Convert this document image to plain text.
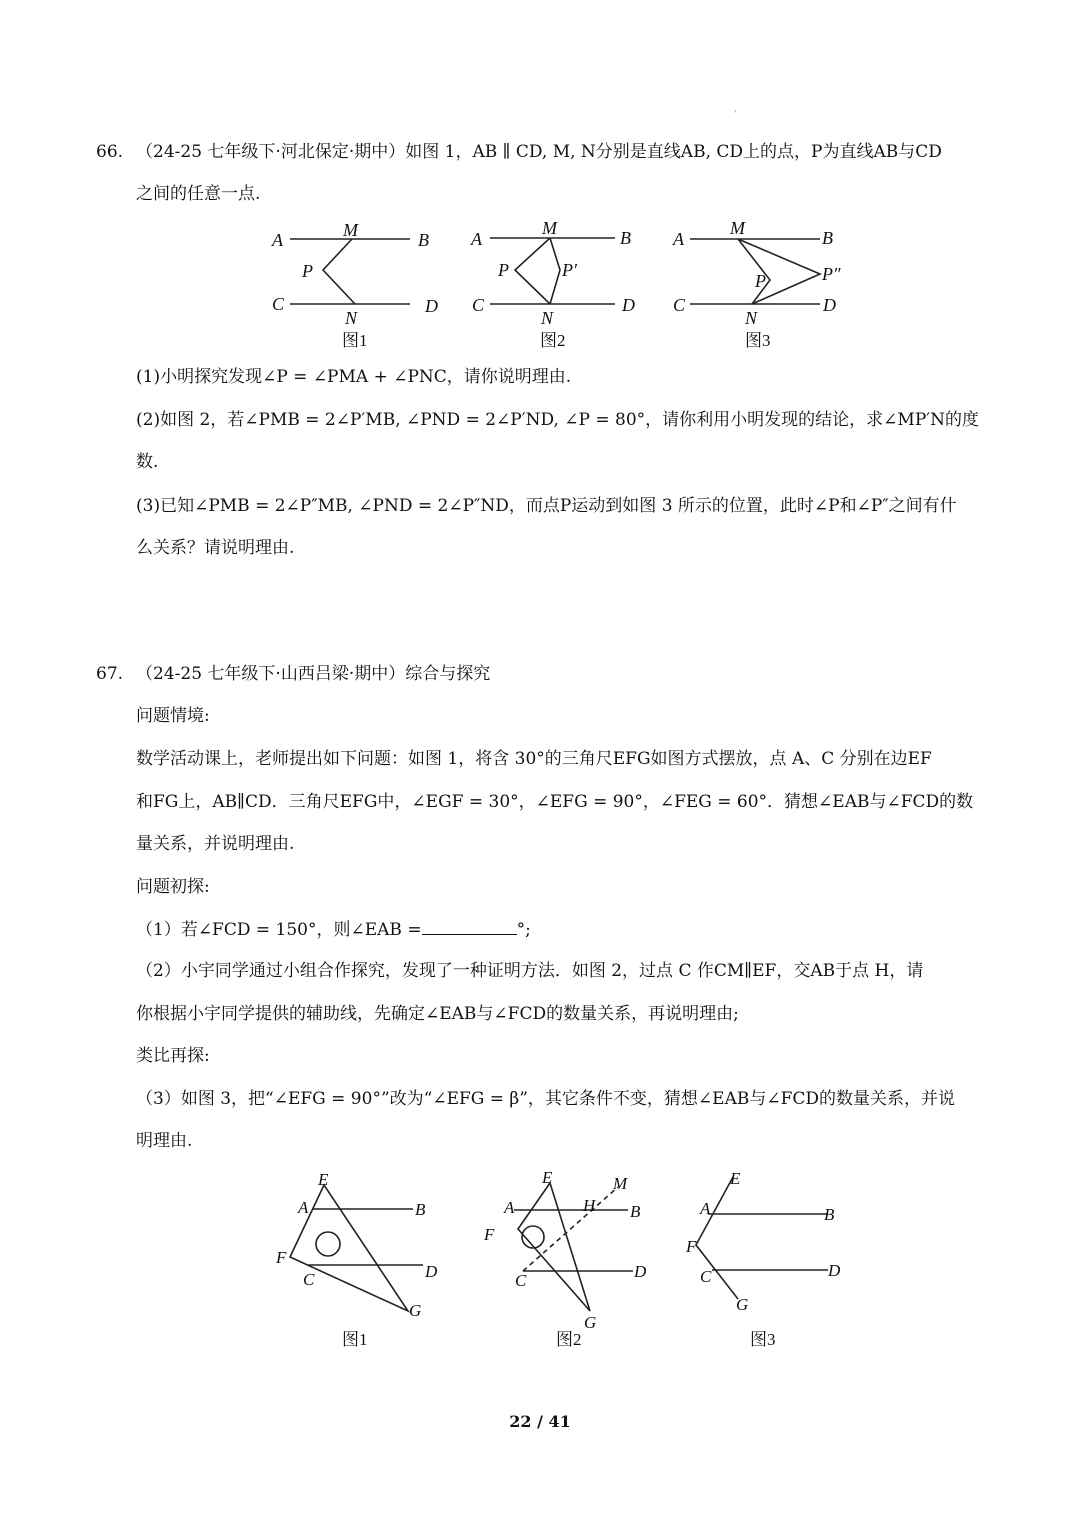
'
66. （24-25 七年级下·河北保定·期中）如图 1，AB ∥ CD, M, N分别是直线AB, CD上的点，P为直线AB与CD
之间的任意一点.
A	B
M
P
C	D
N
A	B
M
P	P′
C	D
N
A	B
M
P	P″
C	D
N
图1	图2	图3
(1)小明探究发现∠P = ∠PMA + ∠PNC，请你说明理由.
(2)如图 2，若∠PMB = 2∠P′MB, ∠PND = 2∠P′ND, ∠P = 80°，请你利用小明发现的结论，求∠MP′N的度
数.
(3)已知∠PMB = 2∠P″MB, ∠PND = 2∠P″ND，而点P运动到如图 3 所示的位置，此时∠P和∠P″之间有什
么关系？请说明理由.
67. （24-25 七年级下·山西吕梁·期中）综合与探究
问题情境:
数学活动课上，老师提出如下问题：如图 1，将含 30°的三角尺EFG如图方式摆放，点 A、C 分别在边EF
和FG上，AB∥CD．三角尺EFG中，∠EGF = 30°，∠EFG = 90°，∠FEG = 60°．猜想∠EAB与∠FCD的数
量关系，并说明理由.
问题初探:
（1）若∠FCD = 150°，则∠EAB =	°;
（2）小宇同学通过小组合作探究，发现了一种证明方法．如图 2，过点 C 作CM∥EF，交AB于点 H，请
你根据小宇同学提供的辅助线，先确定∠EAB与∠FCD的数量关系，再说明理由;
类比再探:
（3）如图 3，把“∠EFG = 90°”改为“∠EFG = β”，其它条件不变，猜想∠EAB与∠FCD的数量关系，并说
明理由.
E
A	B
F
C	D
G
E
A	H
M
B
F
C	D
G
E
A	B
F
C	D
G
图1	图2	图3
22 / 41
